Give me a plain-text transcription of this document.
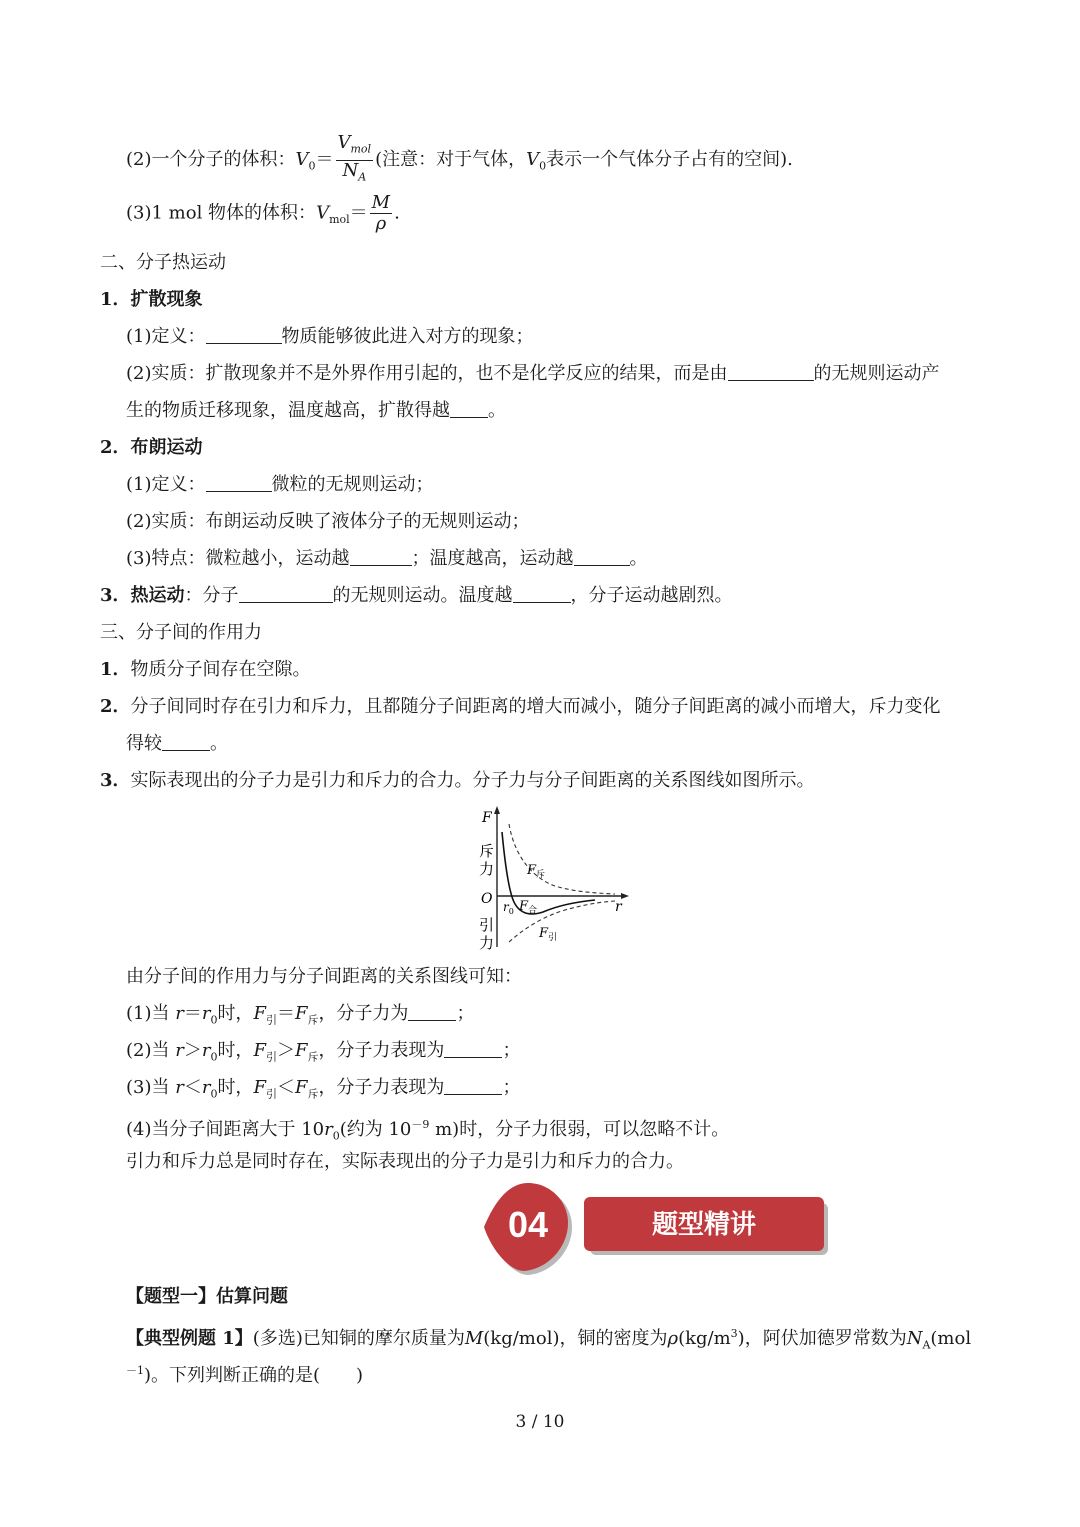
(2)一个分子的体积：$V_0= \frac{V_{mol}}{N_A}$ (注意：对于气体，$V_0$表示一个气体分子占有的空间).
(3)1 mol 物体的体积：$V_{mol}= \frac{M}{\rho}$ .
二、分子热运动
1．扩散现象
(1)定义：	物质能够彼此进入对方的现象；
(2)实质：扩散现象并不是外界作用引起的，也不是化学反应的结果，而是由	的无规则运动产
生的物质迁移现象，温度越高，扩散得越 。
2．布朗运动
(1)定义：	微粒的无规则运动；
(2)实质：布朗运动反映了液体分子的无规则运动；
(3)特点：微粒越小，运动越	；温度越高，运动越	。
3．热运动：分子	的无规则运动。温度越	，分子运动越剧烈。
三、分子间的作用力
1．物质分子间存在空隙。
2．分子间同时存在引力和斥力，且都随分子间距离的增大而减小，随分子间距离的减小而增大，斥力变化
得较	。
3．实际表现出的分子力是引力和斥力的合力。分子力与分子间距离的关系图线如图所示。
F
斥
力
O
引
力
r
$r_0$
$F_斥$
$F_合$
$F_引$
由分子间的作用力与分子间距离的关系图线可知：
(1)当 $r=r_0$时，$F_引=F_斥$，分子力为	；
(2)当 $r>r_0$时，$F_引>F_斥$，分子力表现为	；
(3)当 $r<r_0$时，$F_引<F_斥$，分子力表现为	；
(4)当分子间距离大于 $10r_0$(约为 $10^{-9}$ m)时，分子力很弱，可以忽略不计。
引力和斥力总是同时存在，实际表现出的分子力是引力和斥力的合力。
04	题型精讲
【题型一】估算问题
【典型例题 1】(多选)已知铜的摩尔质量为M(kg/mol)，铜的密度为$\rho(kg/m^3)$，阿伏加德罗常数为$N_A(mol$
$^{-1}$)。下列判断正确的是(　　)
3 / 10
